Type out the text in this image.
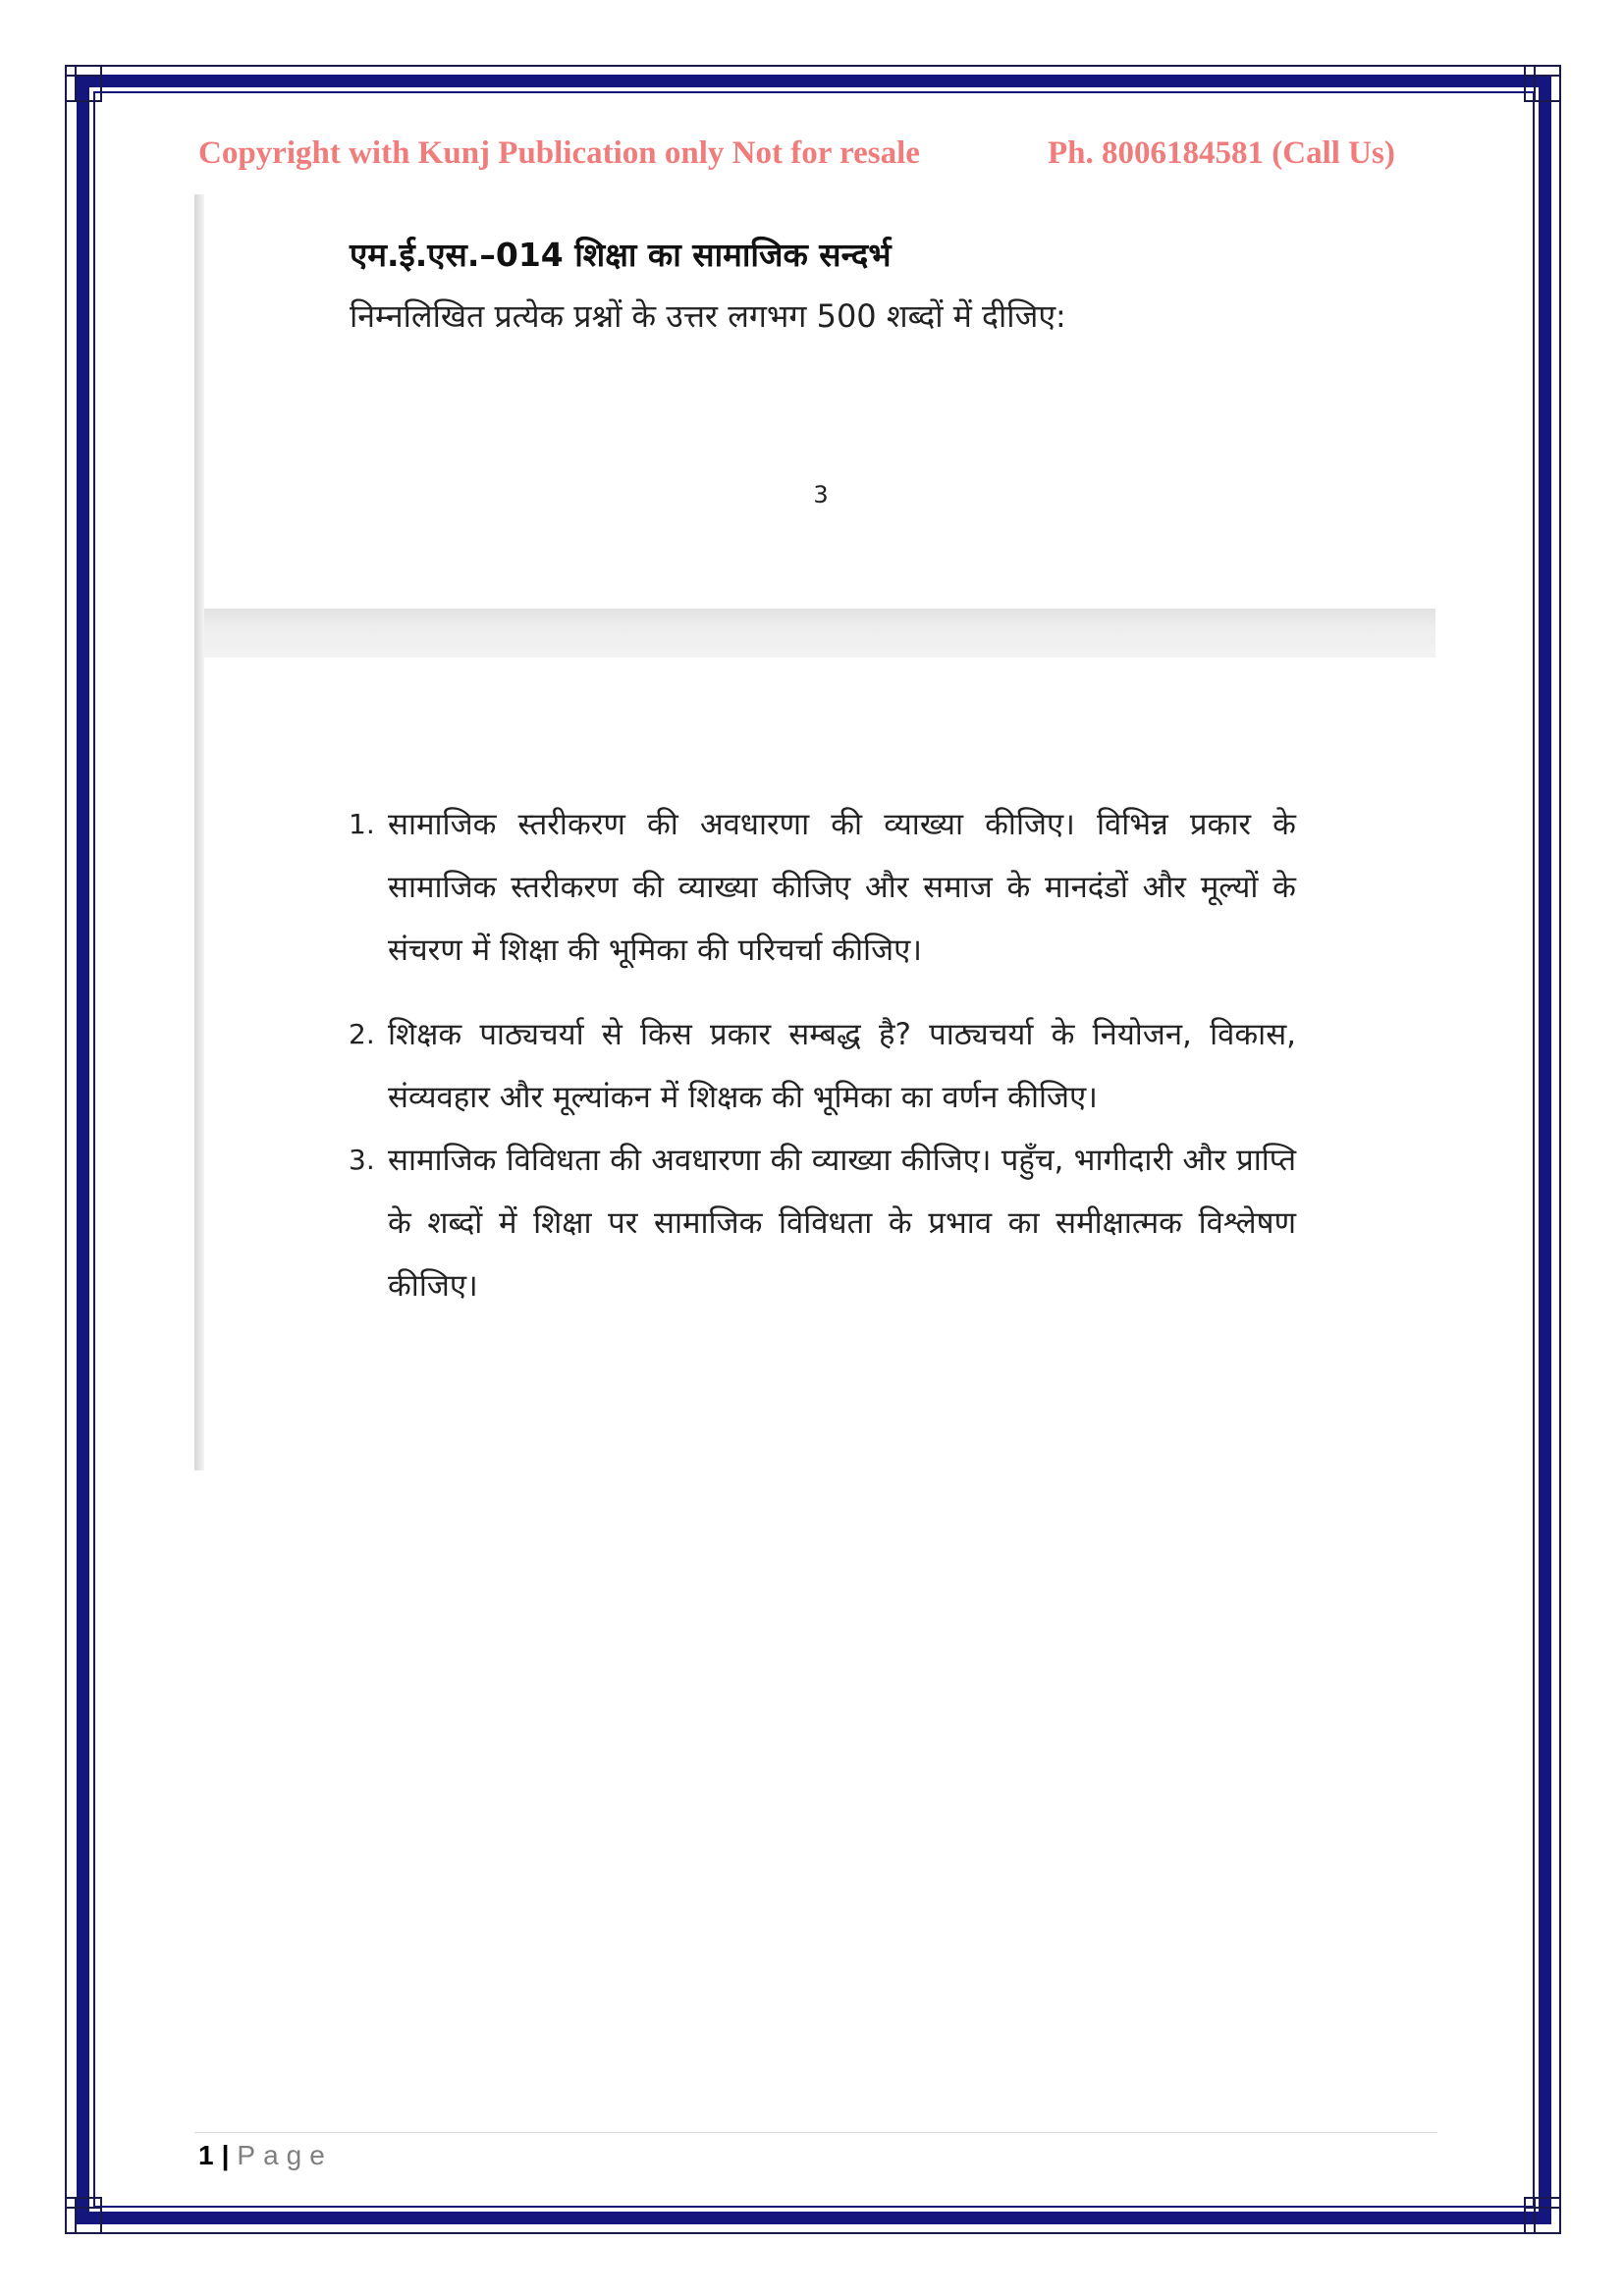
Copyright with Kunj Publication only Not for resale	Ph. 8006184581 (Call Us)
एम.ई.एस.–014 शिक्षा का सामाजिक सन्दर्भ
निम्नलिखित प्रत्येक प्रश्नों के उत्तर लगभग 500 शब्दों में दीजिए:
3
1. सामाजिक स्तरीकरण की अवधारणा की व्याख्या कीजिए। विभिन्न प्रकार के सामाजिक स्तरीकरण की व्याख्या कीजिए और समाज के मानदंडों और मूल्यों के संचरण में शिक्षा की भूमिका की परिचर्चा कीजिए।
2. शिक्षक पाठ्यचर्या से किस प्रकार सम्बद्ध है? पाठ्यचर्या के नियोजन, विकास, संव्यवहार और मूल्यांकन में शिक्षक की भूमिका का वर्णन कीजिए।
3. सामाजिक विविधता की अवधारणा की व्याख्या कीजिए। पहुँच, भागीदारी और प्राप्ति के शब्दों में शिक्षा पर सामाजिक विविधता के प्रभाव का समीक्षात्मक विश्लेषण कीजिए।
1 | Page
